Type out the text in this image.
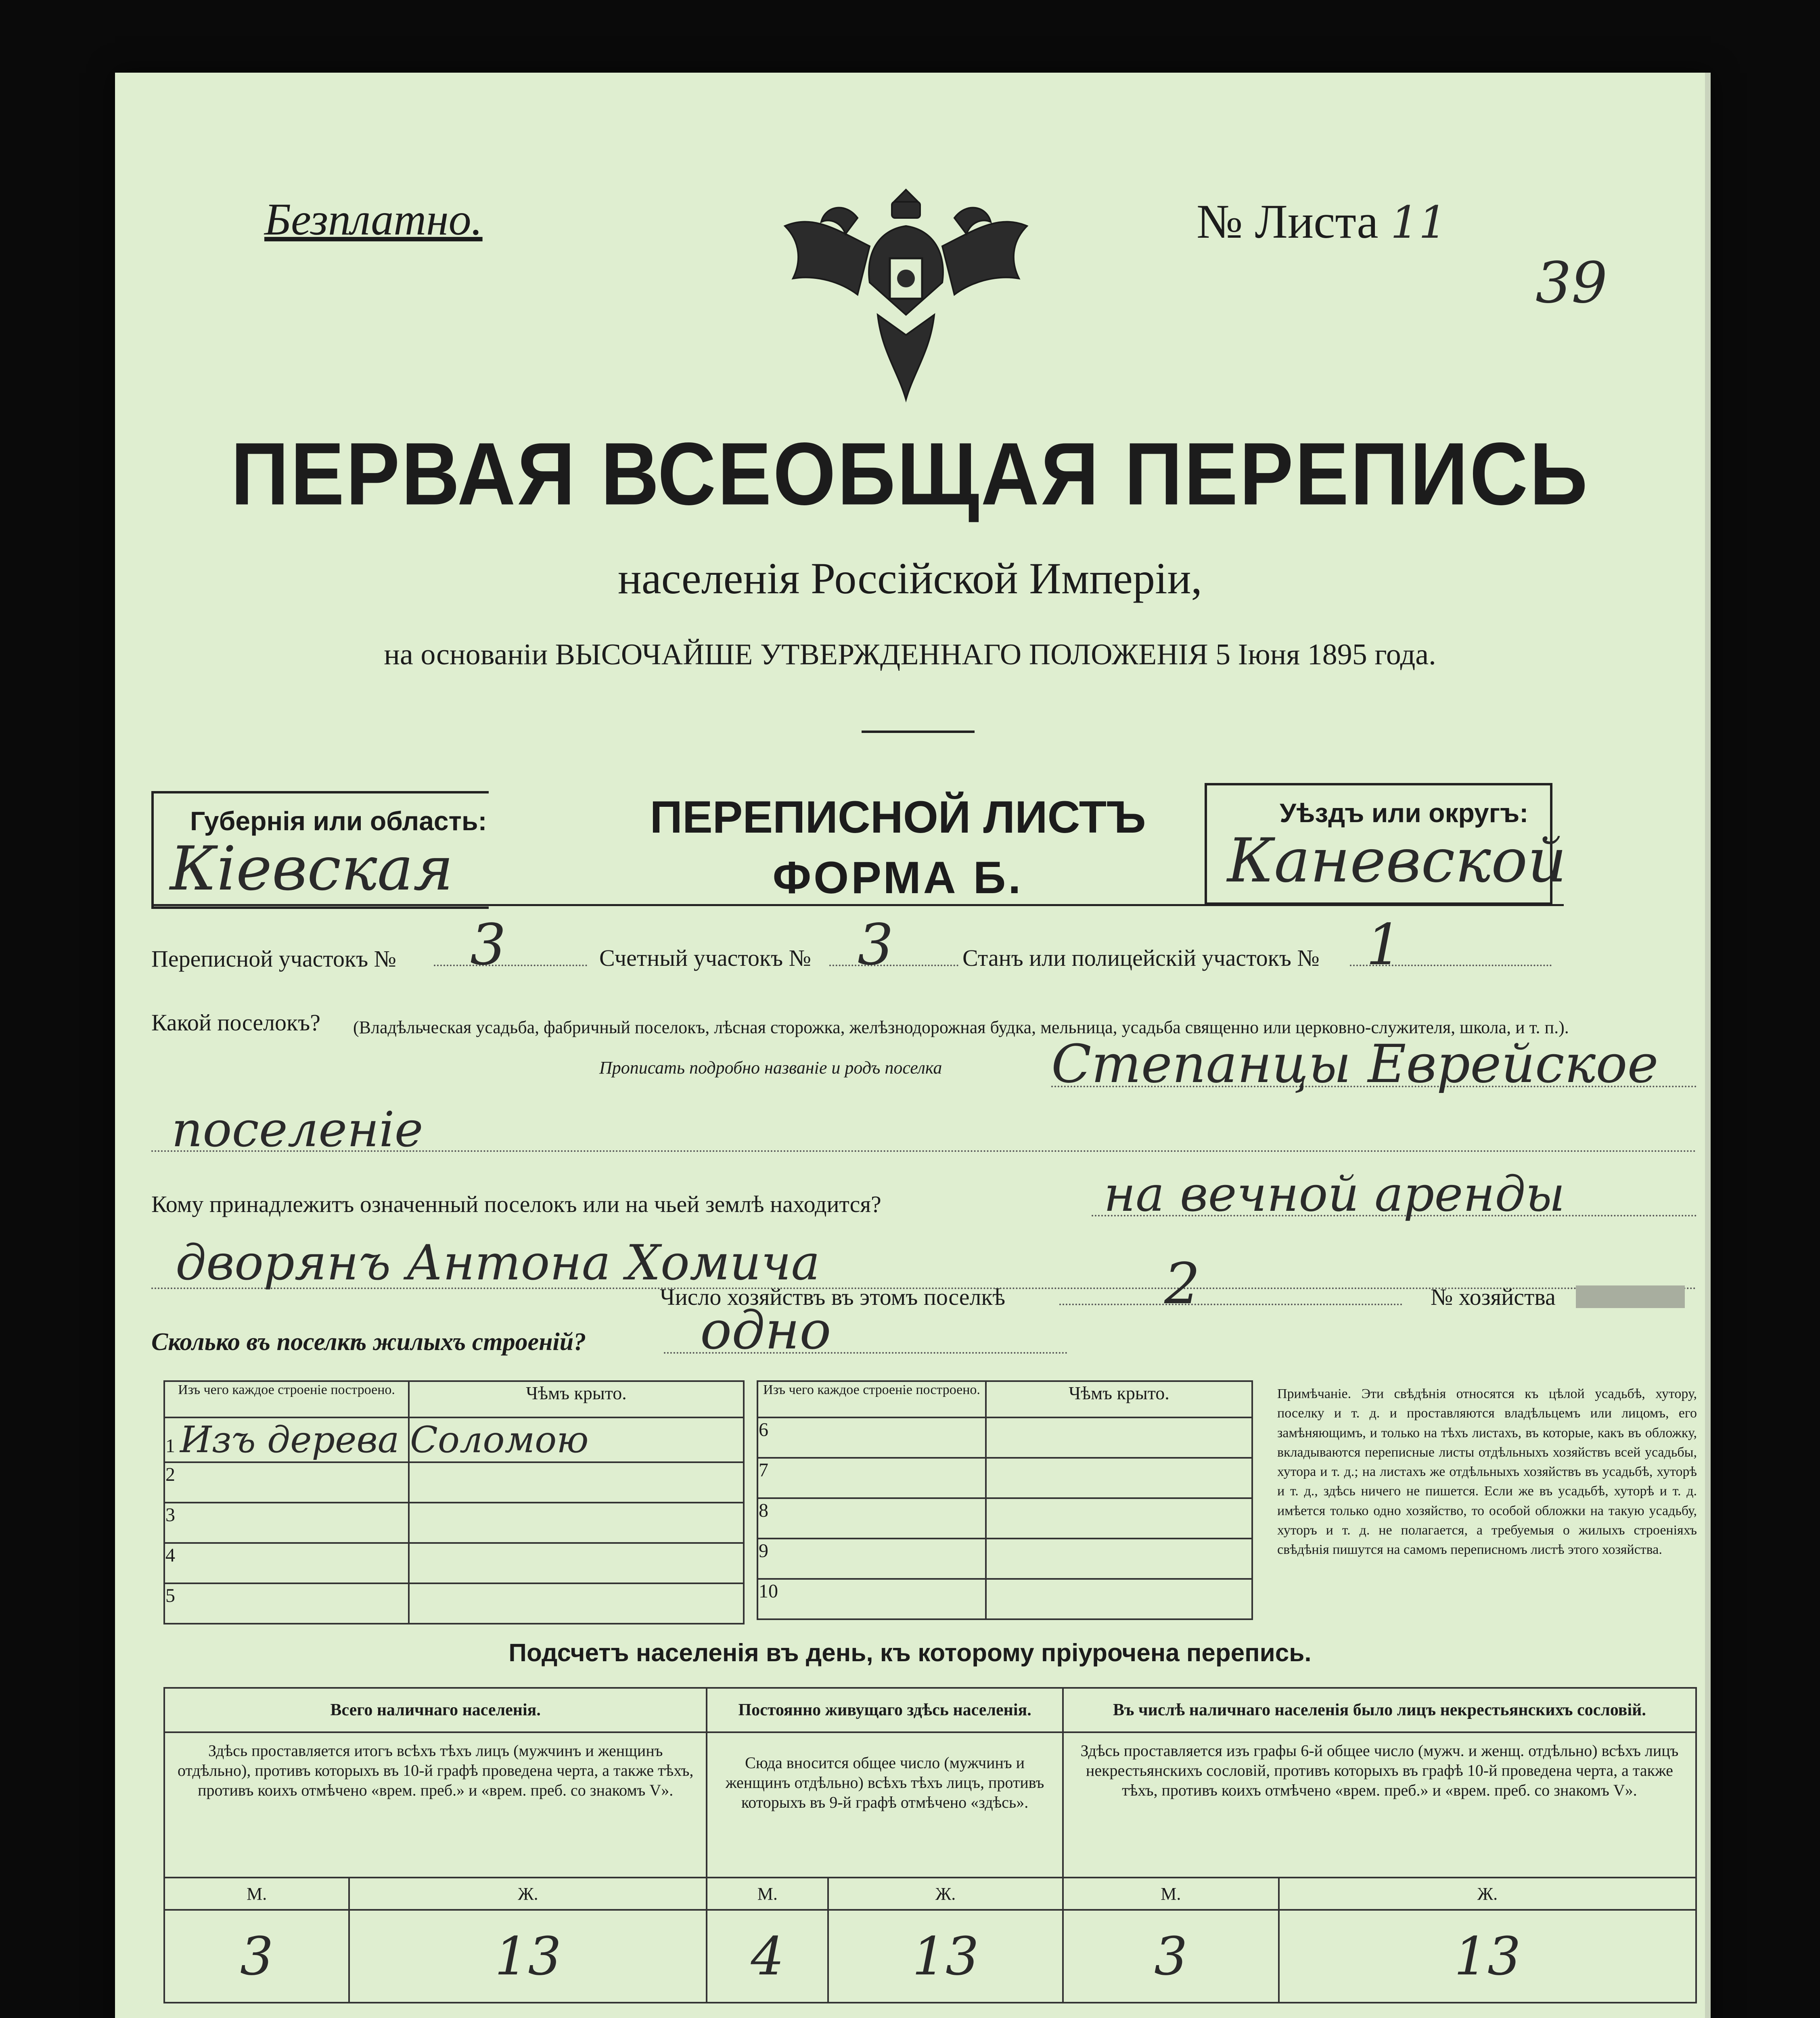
Безплатно.	№ Листа 11
39
ПЕРВАЯ ВСЕОБЩАЯ ПЕРЕПИСЬ
населенія Россійской Имперіи,
на основаніи ВЫСОЧАЙШЕ УТВЕРЖДЕННАГО ПОЛОЖЕНІЯ 5 Іюня 1895 года.
Губернія или область:
Кіевская
ПЕРЕПИСНОЙ ЛИСТЪ
ФОРМА Б.
Уѣздъ или округъ:
Каневской
Переписной участокъ № 3	Счетный участокъ № 3	Станъ или полицейскій участокъ № 1
Какой поселокъ? (Владѣльческая усадьба, фабричный поселокъ, лѣсная сторожка, желѣзнодорожная будка, мельница, усадьба священно или церковно-служителя, школа, и т. п.).
Прописать подробно названіе и родъ поселка Степанцы Еврейское
поселеніе
Кому принадлежитъ означенный поселокъ или на чьей землѣ находится?	на вечной аренды
дворянъ Антона Хомича
Число хозяйствъ въ этомъ поселкѣ	2	№ хозяйства
Сколько въ поселкѣ жилыхъ строеній? одно
Изъ чего каждое строеніе построено.	Чѣмъ крыто.
1 Изъ дерева	Соломою
2	
3	
4	
5	
Изъ чего каждое строеніе построено.	Чѣмъ крыто.
6	
7	
8	
9	
10	
Примѣчаніе. Эти свѣдѣнія относятся къ цѣлой усадьбѣ, хутору, поселку и т. д. и проставляются владѣльцемъ или лицомъ, его замѣняющимъ, и только на тѣхъ листахъ, въ которые, какъ въ обложку, вкладываются переписные листы отдѣльныхъ хозяйствъ всей усадьбы, хутора и т. д.; на листахъ же отдѣльныхъ хозяйствъ въ усадьбѣ, хуторѣ и т. д., здѣсь ничего не пишется. Если же въ усадьбѣ, хуторѣ и т. д. имѣется только одно хозяйство, то особой обложки на такую усадьбу, хуторъ и т. д. не полагается, а требуемыя о жилыхъ строеніяхъ свѣдѣнія пишутся на самомъ переписномъ листѣ этого хозяйства.
Подсчетъ населенія въ день, къ которому пріурочена перепись.
Всего наличнаго населенія.		Постоянно живущаго здѣсь населенія.		Въ числѣ наличнаго населенія было лицъ некрестьянскихъ сословій.	
Здѣсь проставляется итогъ всѣхъ тѣхъ лицъ (мужчинъ и женщинъ отдѣльно), противъ которыхъ въ 10-й графѣ проведена черта, а также тѣхъ, противъ коихъ отмѣчено «врем. преб.» и «врем. преб. со знакомъ V».		Сюда вносится общее число (мужчинъ и женщинъ отдѣльно) всѣхъ тѣхъ лицъ, противъ которыхъ въ 9-й графѣ отмѣчено «здѣсь».		Здѣсь проставляется изъ графы 6-й общее число (мужч. и женщ. отдѣльно) всѣхъ лицъ некрестьянскихъ сословій, противъ которыхъ въ графѣ 10-й проведена черта, а также тѣхъ, противъ коихъ отмѣчено «врем. преб.» и «врем. преб. со знакомъ V».	
М.	Ж.	М.	Ж.	М.	Ж.
3	13	4	13	3	13
